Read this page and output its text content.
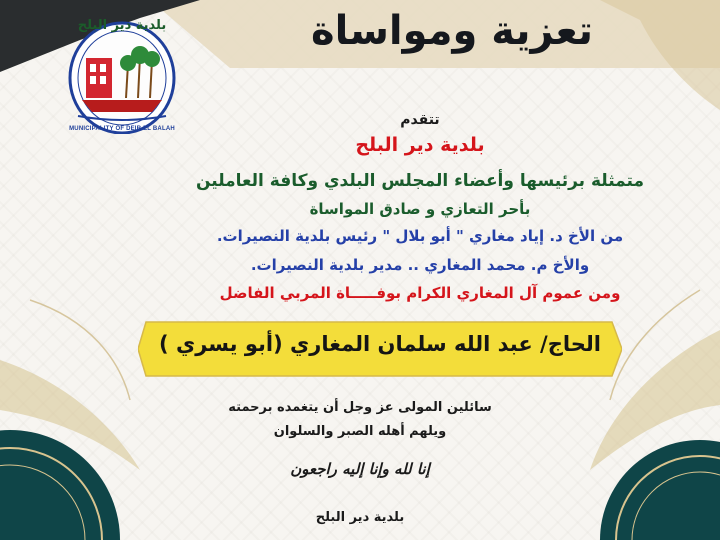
تعزية ومواساة
بلدية دير البلح
MUNICIPALITY OF DEIR EL BALAH
تتقدم
بلدية دير البلح
متمثلة برئيسها وأعضاء المجلس البلدي وكافة العاملين
بأحر التعازي و صادق المواساة
من الأخ د. إياد مغاري " أبو بلال " رئيس بلدية النصيرات.
والأخ م. محمد المغاري .. مدير بلدية النصيرات.
ومن عموم آل المغاري الكرام بوفـــــاة المربي الفاضل
الحاج/ عبد الله سلمان المغاري (أبو يسري )
سائلين المولى عز وجل أن يتغمده برحمته
ويلهم أهله الصبر والسلوان
إنا لله وإنا إليه راجعون
بلدية دير البلح
